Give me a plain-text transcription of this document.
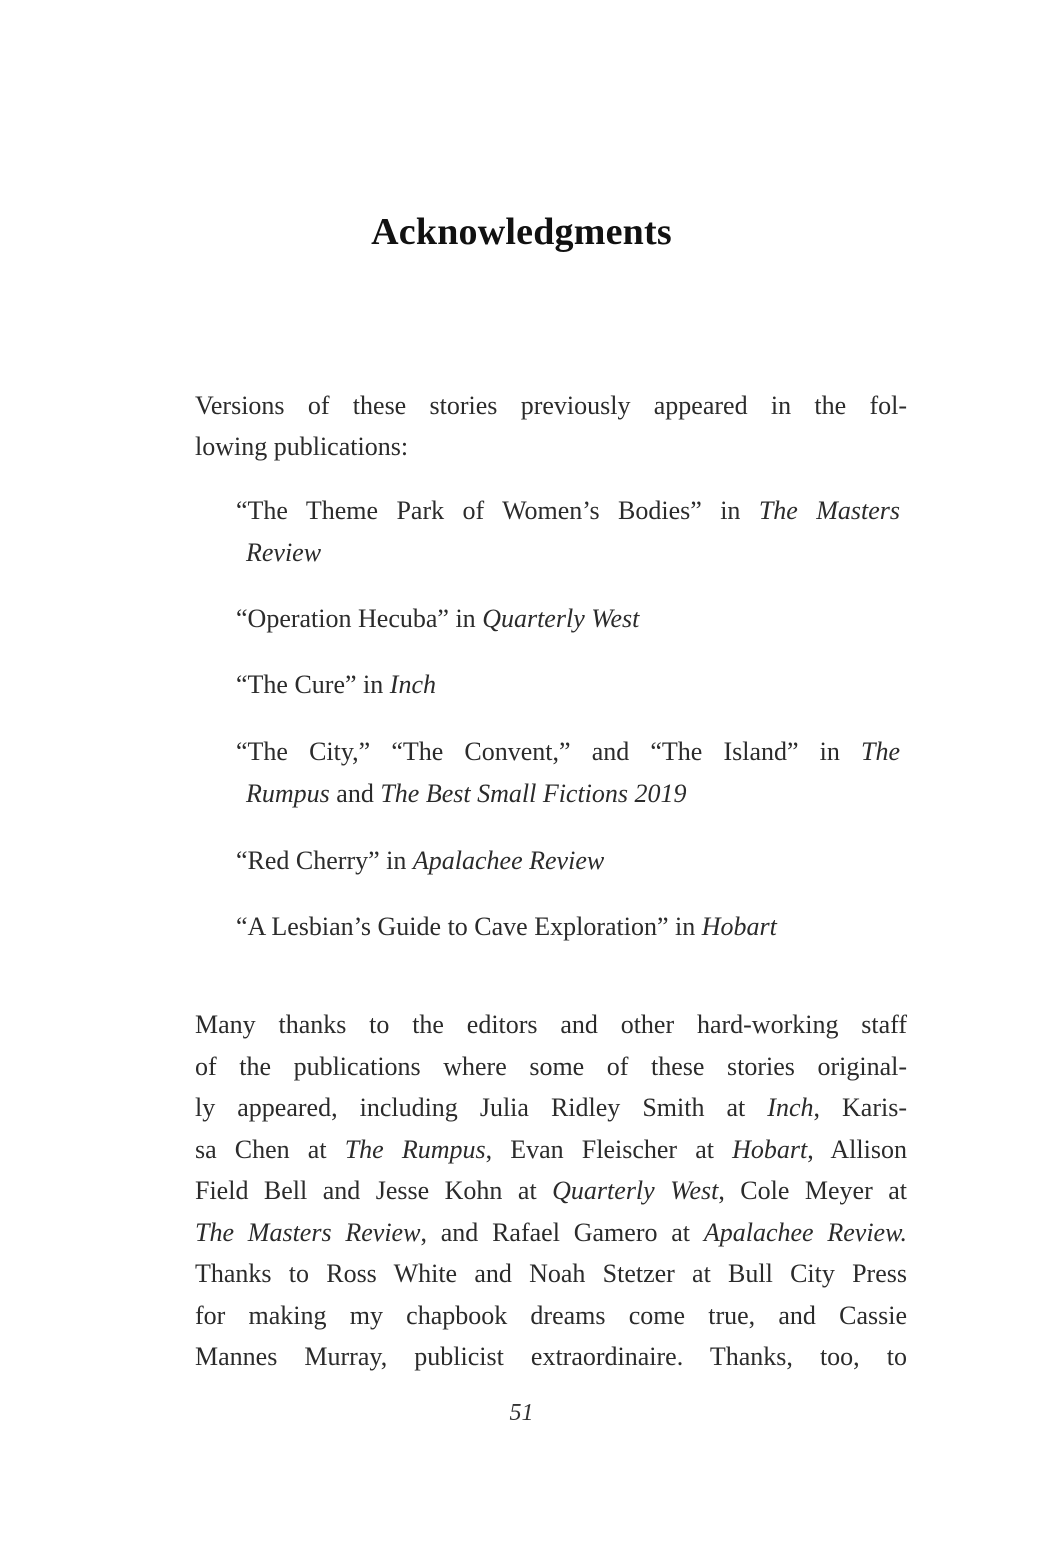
Acknowledgments

Versions of these stories previously appeared in the fol-
lowing publications:

“The Theme Park of Women’s Bodies” in The Masters
Review

“Operation Hecuba” in Quarterly West

“The Cure” in Inch

“The City,” “The Convent,” and “The Island” in The
Rumpus and The Best Small Fictions 2019

“Red Cherry” in Apalachee Review

“A Lesbian’s Guide to Cave Exploration” in Hobart

Many thanks to the editors and other hard-working staff
of the publications where some of these stories original-
ly appeared, including Julia Ridley Smith at Inch, Karis-
sa Chen at The Rumpus, Evan Fleischer at Hobart, Allison
Field Bell and Jesse Kohn at Quarterly West, Cole Meyer at
The Masters Review, and Rafael Gamero at Apalachee Review.
Thanks to Ross White and Noah Stetzer at Bull City Press
for making my chapbook dreams come true, and Cassie
Mannes Murray, publicist extraordinaire. Thanks, too, to

51
